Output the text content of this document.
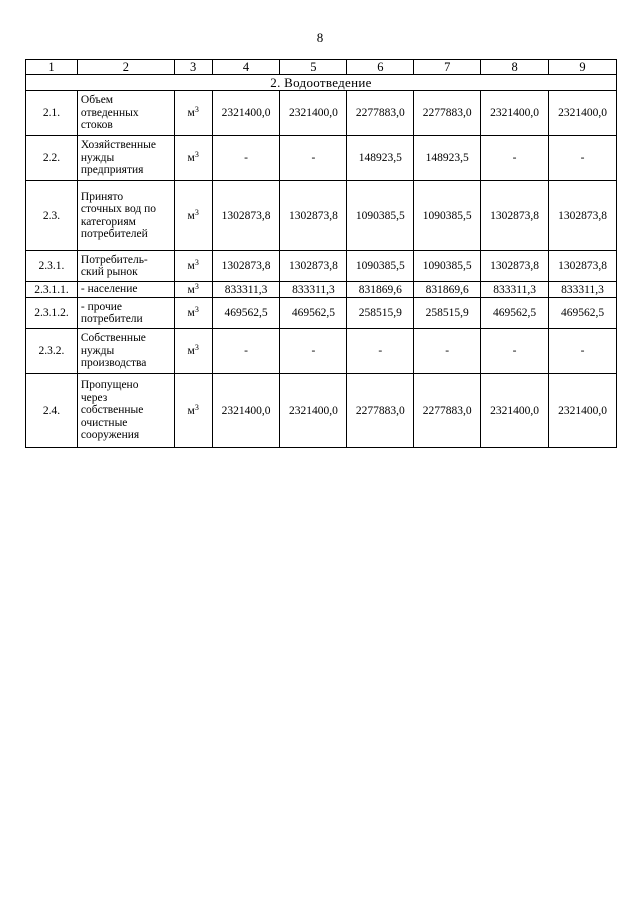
8
1	2	3	4	5	6	7	8	9
2. Водоотведение								
2.1.	Объем
отведенных
стоков	$м^3$	2321400,0	2321400,0	2277883,0	2277883,0	2321400,0	2321400,0
2.2.	Хозяйственные
нужды
предприятия	$м^3$	-	-	148923,5	148923,5	-	-
2.3.	Принято
сточных вод по
категориям
потребителей	$м^3$	1302873,8	1302873,8	1090385,5	1090385,5	1302873,8	1302873,8
2.3.1.	Потребитель-
ский рынок	$м^3$	1302873,8	1302873,8	1090385,5	1090385,5	1302873,8	1302873,8
2.3.1.1.	- население	$м^3$	833311,3	833311,3	831869,6	831869,6	833311,3	833311,3
2.3.1.2.	- прочие
потребители	$м^3$	469562,5	469562,5	258515,9	258515,9	469562,5	469562,5
2.3.2.	Собственные
нужды
производства	$м^3$	-	-	-	-	-	-
2.4.	Пропущено
через
собственные
очистные
сооружения	$м^3$	2321400,0	2321400,0	2277883,0	2277883,0	2321400,0	2321400,0
